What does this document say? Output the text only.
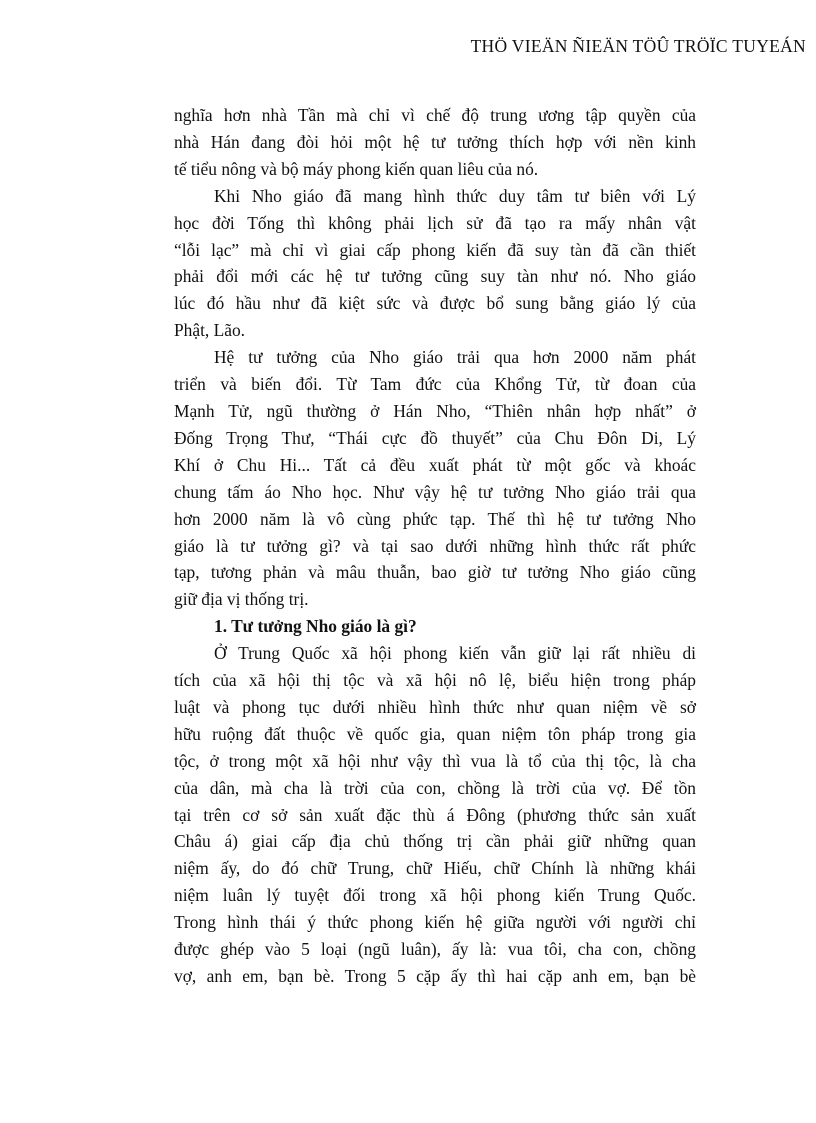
THÖ VIEÄN ÑIEÄN TÖÛ TRÖÏC TUYEÁN
nghĩa hơn nhà Tần mà chỉ vì chế độ trung ương tập quyền của
nhà Hán đang đòi hỏi một hệ tư tưởng thích hợp với nền kinh
tế tiểu nông và bộ máy phong kiến quan liêu của nó.
Khi Nho giáo đã mang hình thức duy tâm tư biên với Lý
học đời Tống thì không phải lịch sử đã tạo ra mấy nhân vật
“lỗi lạc” mà chỉ vì giai cấp phong kiến đã suy tàn đã cần thiết
phải đổi mới các hệ tư tưởng cũng suy tàn như nó. Nho giáo
lúc đó hầu như đã kiệt sức và được bổ sung bằng giáo lý của
Phật, Lão.
Hệ tư tưởng của Nho giáo trải qua hơn 2000 năm phát
triển và biến đổi. Từ Tam đức của Khổng Tử, từ đoan của
Mạnh Tử, ngũ thường ở Hán Nho, “Thiên nhân hợp nhất” ở
Đống Trọng Thư, “Thái cực đồ thuyết” của Chu Đôn Di, Lý
Khí ở Chu Hi... Tất cả đều xuất phát từ một gốc và khoác
chung tấm áo Nho học. Như vậy hệ tư tưởng Nho giáo trải qua
hơn 2000 năm là vô cùng phức tạp. Thế thì hệ tư tưởng Nho
giáo là tư tưởng gì? và tại sao dưới những hình thức rất phức
tạp, tương phản và mâu thuẫn, bao giờ tư tưởng Nho giáo cũng
giữ địa vị thống trị.
1. Tư tưởng Nho giáo là gì?
Ở Trung Quốc xã hội phong kiến vẫn giữ lại rất nhiều di
tích của xã hội thị tộc và xã hội nô lệ, biểu hiện trong pháp
luật và phong tục dưới nhiều hình thức như quan niệm về sở
hữu ruộng đất thuộc về quốc gia, quan niệm tôn pháp trong gia
tộc, ở trong một xã hội như vậy thì vua là tổ của thị tộc, là cha
của dân, mà cha là trời của con, chồng là trời của vợ. Để tồn
tại trên cơ sở sản xuất đặc thù á Đông (phương thức sản xuất
Châu á) giai cấp địa chủ thống trị cần phải giữ những quan
niệm ấy, do đó chữ Trung, chữ Hiếu, chữ Chính là những khái
niệm luân lý tuyệt đối trong xã hội phong kiến Trung Quốc.
Trong hình thái ý thức phong kiến hệ giữa người với người chỉ
được ghép vào 5 loại (ngũ luân), ấy là: vua tôi, cha con, chồng
vợ, anh em, bạn bè. Trong 5 cặp ấy thì hai cặp anh em, bạn bè
